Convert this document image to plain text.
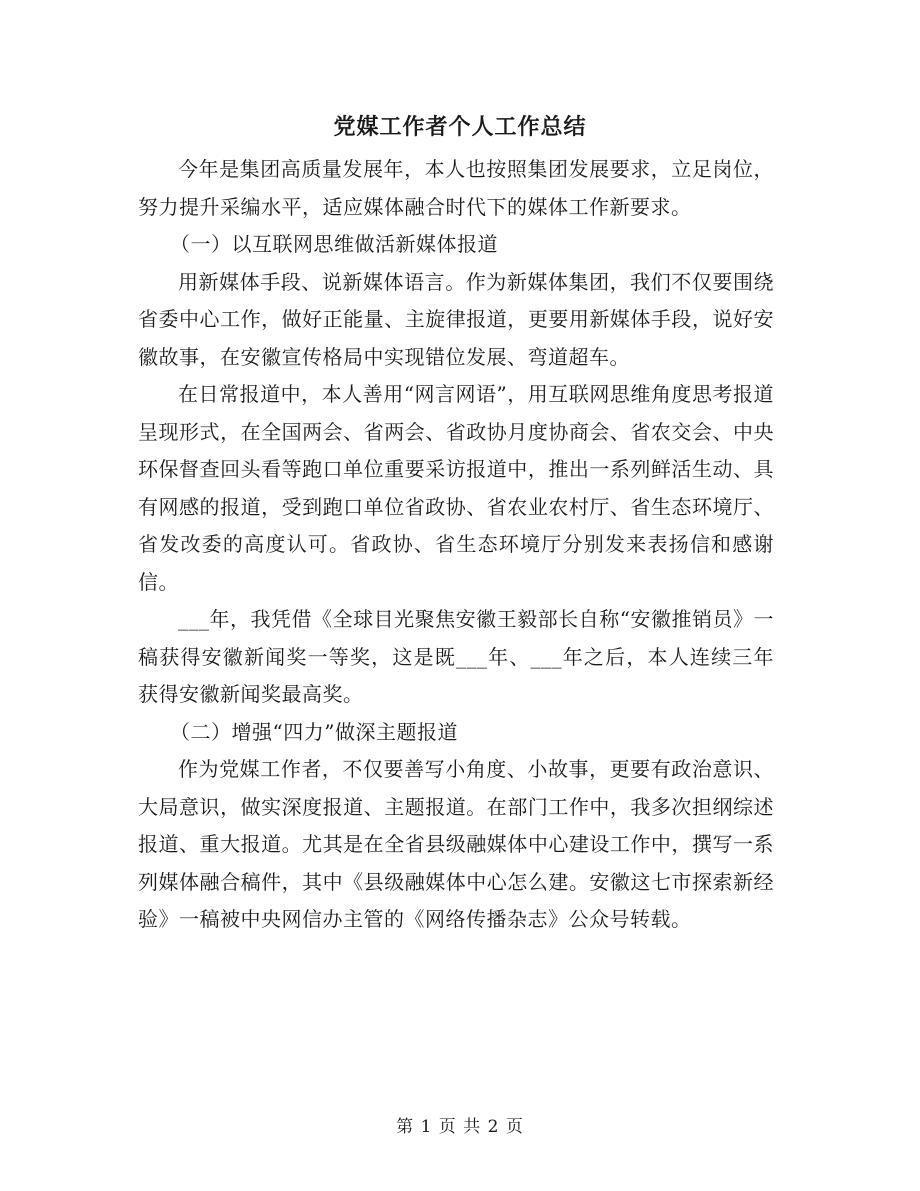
党媒工作者个人工作总结

今年是集团高质量发展年，本人也按照集团发展要求，立足岗位，努力提升采编水平，适应媒体融合时代下的媒体工作新要求。

（一）以互联网思维做活新媒体报道

用新媒体手段、说新媒体语言。作为新媒体集团，我们不仅要围绕省委中心工作，做好正能量、主旋律报道，更要用新媒体手段，说好安徽故事，在安徽宣传格局中实现错位发展、弯道超车。

在日常报道中，本人善用“网言网语”，用互联网思维角度思考报道呈现形式，在全国两会、省两会、省政协月度协商会、省农交会、中央环保督查回头看等跑口单位重要采访报道中，推出一系列鲜活生动、具有网感的报道，受到跑口单位省政协、省农业农村厅、省生态环境厅、省发改委的高度认可。省政协、省生态环境厅分别发来表扬信和感谢信。

___年，我凭借《全球目光聚焦安徽王毅部长自称“安徽推销员》一稿获得安徽新闻奖一等奖，这是既___年、___年之后，本人连续三年获得安徽新闻奖最高奖。

（二）增强“四力”做深主题报道

作为党媒工作者，不仅要善写小角度、小故事，更要有政治意识、大局意识，做实深度报道、主题报道。在部门工作中，我多次担纲综述报道、重大报道。尤其是在全省县级融媒体中心建设工作中，撰写一系列媒体融合稿件，其中《县级融媒体中心怎么建。安徽这七市探索新经验》一稿被中央网信办主管的《网络传播杂志》公众号转载。

第 1 页 共 2 页
